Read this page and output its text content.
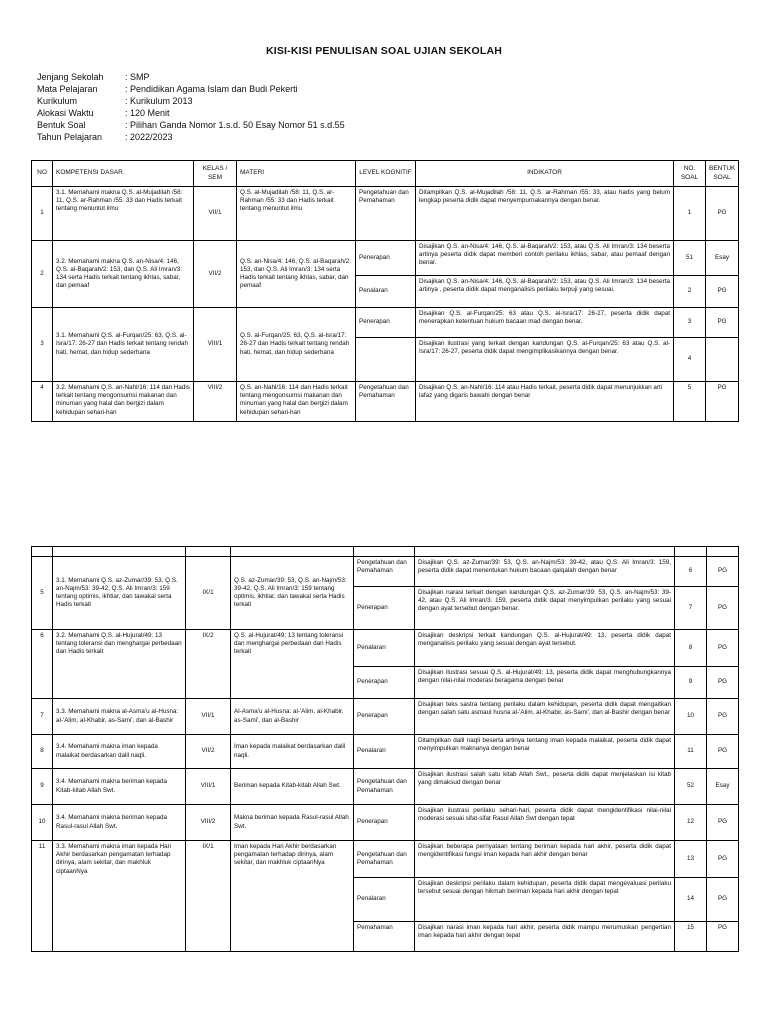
KISI-KISI PENULISAN SOAL UJIAN SEKOLAH
Jenjang Sekolah	: SMP
Mata Pelajaran	: Pendidikan Agama Islam dan Budi Pekerti
Kurikulum	: Kurikulum 2013
Alokasi Waktu	: 120 Menit
Bentuk Soal	: Pilihan Ganda Nomor 1.s.d. 50 Esay Nomor 51 s.d.55
Tahun Pelajaran	: 2022/2023
NO	KOMPETENSI DASAR	KELAS / SEM	MATERI	LEVEL KOGNITIF	INDIKATOR	NO. SOAL	BENTUK SOAL
1	3.1. Memahami makna Q.S. al-Mujadilah /58: 11, Q.S. ar-Rahman /55: 33 dan Hadis terkait tentang menuntut ilmu	VII/1	Q.S. al-Mujadilah /58: 11, Q.S. ar-Rahman /55: 33 dan Hadis terkait tentang menuntut ilmu	Pengetahuan dan Pemahaman	Ditampilkan Q.S. al-Mujadilah /58: 11, Q.S. ar-Rahman /55: 33, atau hadis yang belum lengkap peserta didik dapat menyempurnakannya dengan benar.	1	PG
2	3.2. Memahami makna Q.S. an-Nisa/4: 146, Q.S. al-Baqarah/2: 153, dan Q.S. Ali Imran/3: 134 serta Hadis terkait tentang ikhlas, sabar, dan pemaaf	VII/2	Q.S. an-Nisa/4: 146, Q.S. al-Baqarah/2: 153, dan Q.S. Ali Imran/3: 134 serta Hadis terkait tentang ikhlas, sabar, dan pemaaf	Penerapan	Disajikan Q.S. an-Nisa/4: 146, Q.S. al-Baqarah/2: 153, atau Q.S. Ali Imran/3: 134 beserta artinya peserta didik dapat memberi contoh perilaku ikhlas, sabar, atau pemaaf dengan benar.	51	Esay
				Penalaran	Disajikan Q.S. an-Nisa/4: 146, Q.S. al-Baqarah/2: 153, atau Q.S. Ali Imran/3: 134 beserta artinya , peserta didik dapat menganalisis perilaku terpuji yang sesuai.	2	PG
3	3.1. Memahami Q.S. al-Furqan/25: 63, Q.S. al-Isra/17: 26-27 dan Hadis terkait tentang rendah hati, hemat, dan hidup sederhana	VIII/1	Q.S. al-Furqan/25: 63, Q.S. al-Isra/17: 26-27 dan Hadis terkait tentang rendah hati, hemat, dan hidup sederhana	Penerapan	Disajikan Q.S. al-Furqan/25: 63 atau Q.S. al-Isra/17: 26-27, peserta didik dapat menerapkan ketentuan hukum bacaan mad dengan benar.	3	PG
					Disajikan ilustrasi yang terkait dengan kandungan Q.S. al-Furqan/25: 63 atau Q.S. al-Isra/17: 26-27, peserta didik dapat mengimplikasikannya dengan benar.	4	
4	3.2. Memahami Q.S. an-Nahl/16: 114 dan Hadis terkait tentang mengonsumsi makanan dan minuman yang halal dan bergizi dalam kehidupan sehari-hari	VIII/2	Q.S. an-Nahl/16: 114 dan Hadis terkait tentang mengonsumsi makanan dan minuman yang halal dan bergizi dalam kehidupan sehari-hari	Pengetahuan dan Pemahaman	Disajikan Q.S. an-Nahl/16: 114 atau Hadis terkait, peserta didik dapat menunjukkan arti lafaz yang digaris bawahi dengan benar	5	PG

5	3.1. Memahami Q.S. az-Zumar/39: 53, Q.S. an-Najm/53: 39-42, Q.S. Ali Imran/3: 159 tentang optimis, ikhtiar, dan tawakal serta Hadis terkait	IX/1	Q.S. az-Zumar/39: 53, Q.S. an-Najm/53: 39-42, Q.S. Ali Imran/3: 159 tentang optimis, ikhtiar, dan tawakal serta Hadis terkait	Pengetahuan dan Pemahaman	Disajikan Q.S. az-Zumar/39: 53, Q.S. an-Najm/53: 39-42, atau Q.S. Ali Imran/3: 159, peserta didik dapat menentukan hukum bacaan qalqalah dengan benar	6	PG
				Penerapan	Disajikan narasi terkait dengan kandungan Q.S. az-Zumar/39: 53, Q.S. an-Najm/53: 39-42, atau Q.S. Ali Imran/3: 159, peserta didik dapat menyimpulkan perilaku yang sesuai dengan ayat tersebut dengan benar.	7	PG
6	3.2. Memahami Q.S. al-Hujurat/49: 13 tentang toleransi dan menghargai perbedaan dan Hadis terkait	IX/2	Q.S. al-Hujurat/49: 13 tentang toleransi dan menghargai perbedaan dan Hadis terkait	Penalaran	Disajikan deskripsi terkait kandungan Q.S. al-Hujurat/49: 13, peserta didik dapat menganalisis perilaku yang sesuai dengan ayat tersebut.	8	PG
				Penerapan	Disajikan ilustrasi sesuai Q.S. al-Hujurat/49: 13, peserta didik dapat menghubungkannya dengan nilai-nilai moderasi beragama dengan benar	9	PG
7	3.3. Memahami makna al-Asma'u al-Husna: al-'Alim, al-Khabir, as-Sami', dan al-Bashir	VII/1	Al-Asma'u al-Husna: al-'Alim, al-Khabir, as-Sami', dan al-Bashir	Penerapan	Disajikan teks sastra tentang perilaku dalam kehidupan, peserta didik dapat mengaitkan dengan salah satu asmaul husna al-'Alim, al-Khabir, as-Sami', dan al-Bashir dengan benar	10	PG
8	3.4. Memahami makna iman kepada malaikat berdasarkan dalil naqli.	VII/2	Iman kepada malaikat berdasarkan dalil naqli.	Penalaran	Ditampilkan dalil naqli beserta artinya tentang iman kepada malaikat, peserta didik dapat menyimpulkan maknanya dengan benar	11	PG
9	3.4. Memahami makna beriman kepada Kitab-kitab Allah Swt.	VIII/1	Beriman kepada Kitab-kitab Allah Swt.	Pengetahuan dan Pemahaman	Disajikan ilustrasi salah satu kitab Allah Swt., peserta didik dapat menjelaskan isi kitab yang dimaksud dengan benar	52	Esay
10	3.4. Memahami makna beriman kepada Rasul-rasul Allah Swt.	VIII/2	Makna beriman kepada Rasul-rasul Allah Swt.	Penerapan	Disajikan ilustrasi perilaku sehari-hari, peserta didik dapat mengidentifikasi nilai-nilai moderasi sesuai sifat-sifat Rasul Allah Swt dengan tepat	12	PG
11	3.3. Memahami makna iman kepada Hari Akhir berdasarkan pengamatan terhadap dirinya, alam sekitar, dan makhluk ciptaanNya	IX/1	Iman kepada Hari Akhir berdasarkan pengamatan terhadap dirinya, alam sekitar, dan makhluk ciptaanNya	Pengetahuan dan Pemahaman	Disajikan beberapa pernyataan tentang beriman kepada hari akhir, peserta didik dapat mengidentifikasi fungsi iman kepada hari akhir dengan benar	13	PG
				Penalaran	Disajikan deskripsi perilaku dalam kehidupan, peserta didik dapat mengevaluasi perilaku tersebut sesuai dengan hikmah beriman kepada hari akhir dengan tepat	14	PG
				Pemahaman	Disajikan narasi iman kepada hari akhir, peserta didik mampu merumuskan pengertian iman kepada hari akhir dengan tepat	15	PG
